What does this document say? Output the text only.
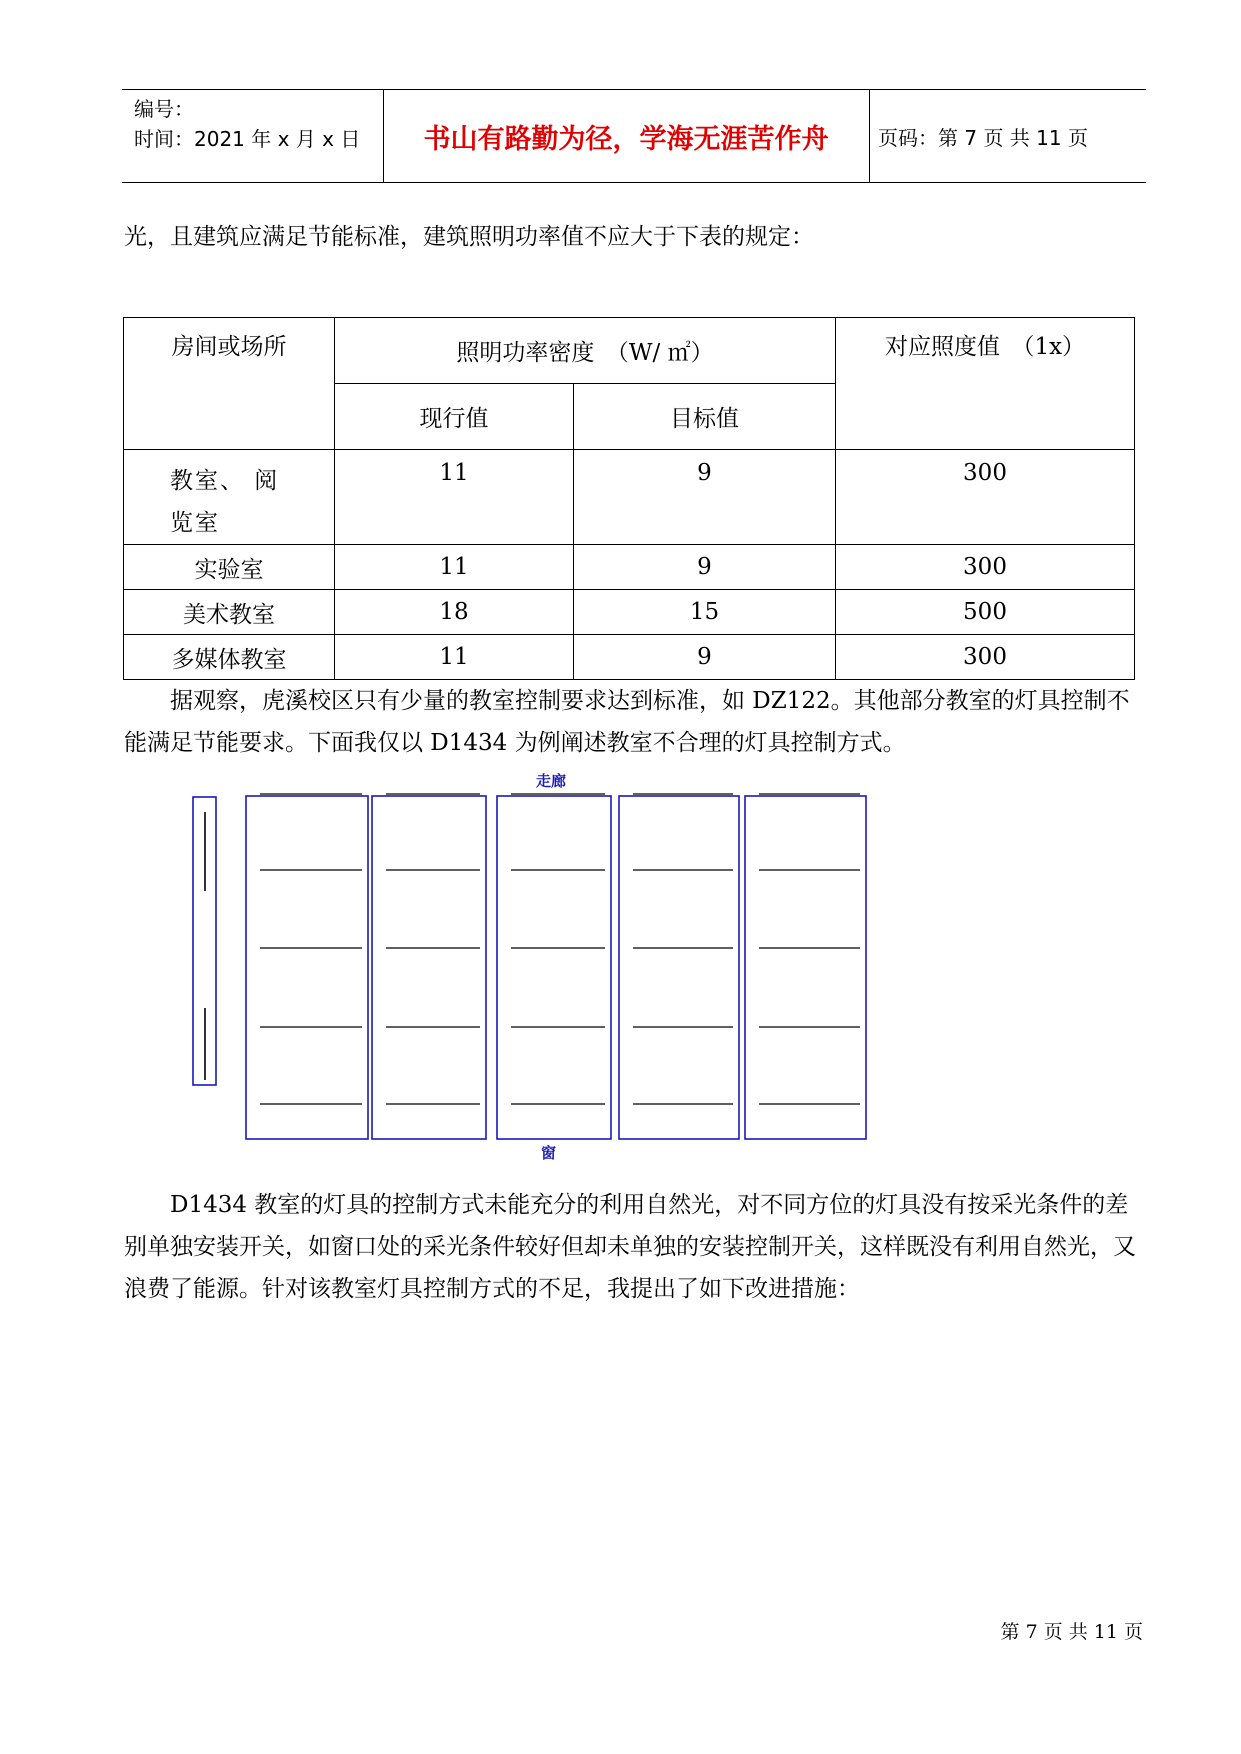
编号：
时间：2021 年 x 月 x 日	书山有路勤为径，学海无涯苦作舟	页码：第 7 页 共 11 页
光，且建筑应满足节能标准，建筑照明功率值不应大于下表的规定：
房间或场所	照明功率密度　（W/ ㎡）		对应照度值　（1x）

	现行值	目标值	

教室、 阅览室	11	9	300

实验室	11	9	300

美术教室	18	15	500

多媒体教室	11	9	300
据观察，虎溪校区只有少量的教室控制要求达到标准，如 DZ122。其他部分教室的灯具控制不能满足节能要求。下面我仅以 D1434 为例阐述教室不合理的灯具控制方式。
走廊
窗
D1434 教室的灯具的控制方式未能充分的利用自然光，对不同方位的灯具没有按采光条件的差别单独安装开关，如窗口处的采光条件较好但却未单独的安装控制开关，这样既没有利用自然光，又浪费了能源。针对该教室灯具控制方式的不足，我提出了如下改进措施：
第 7 页 共 11 页
